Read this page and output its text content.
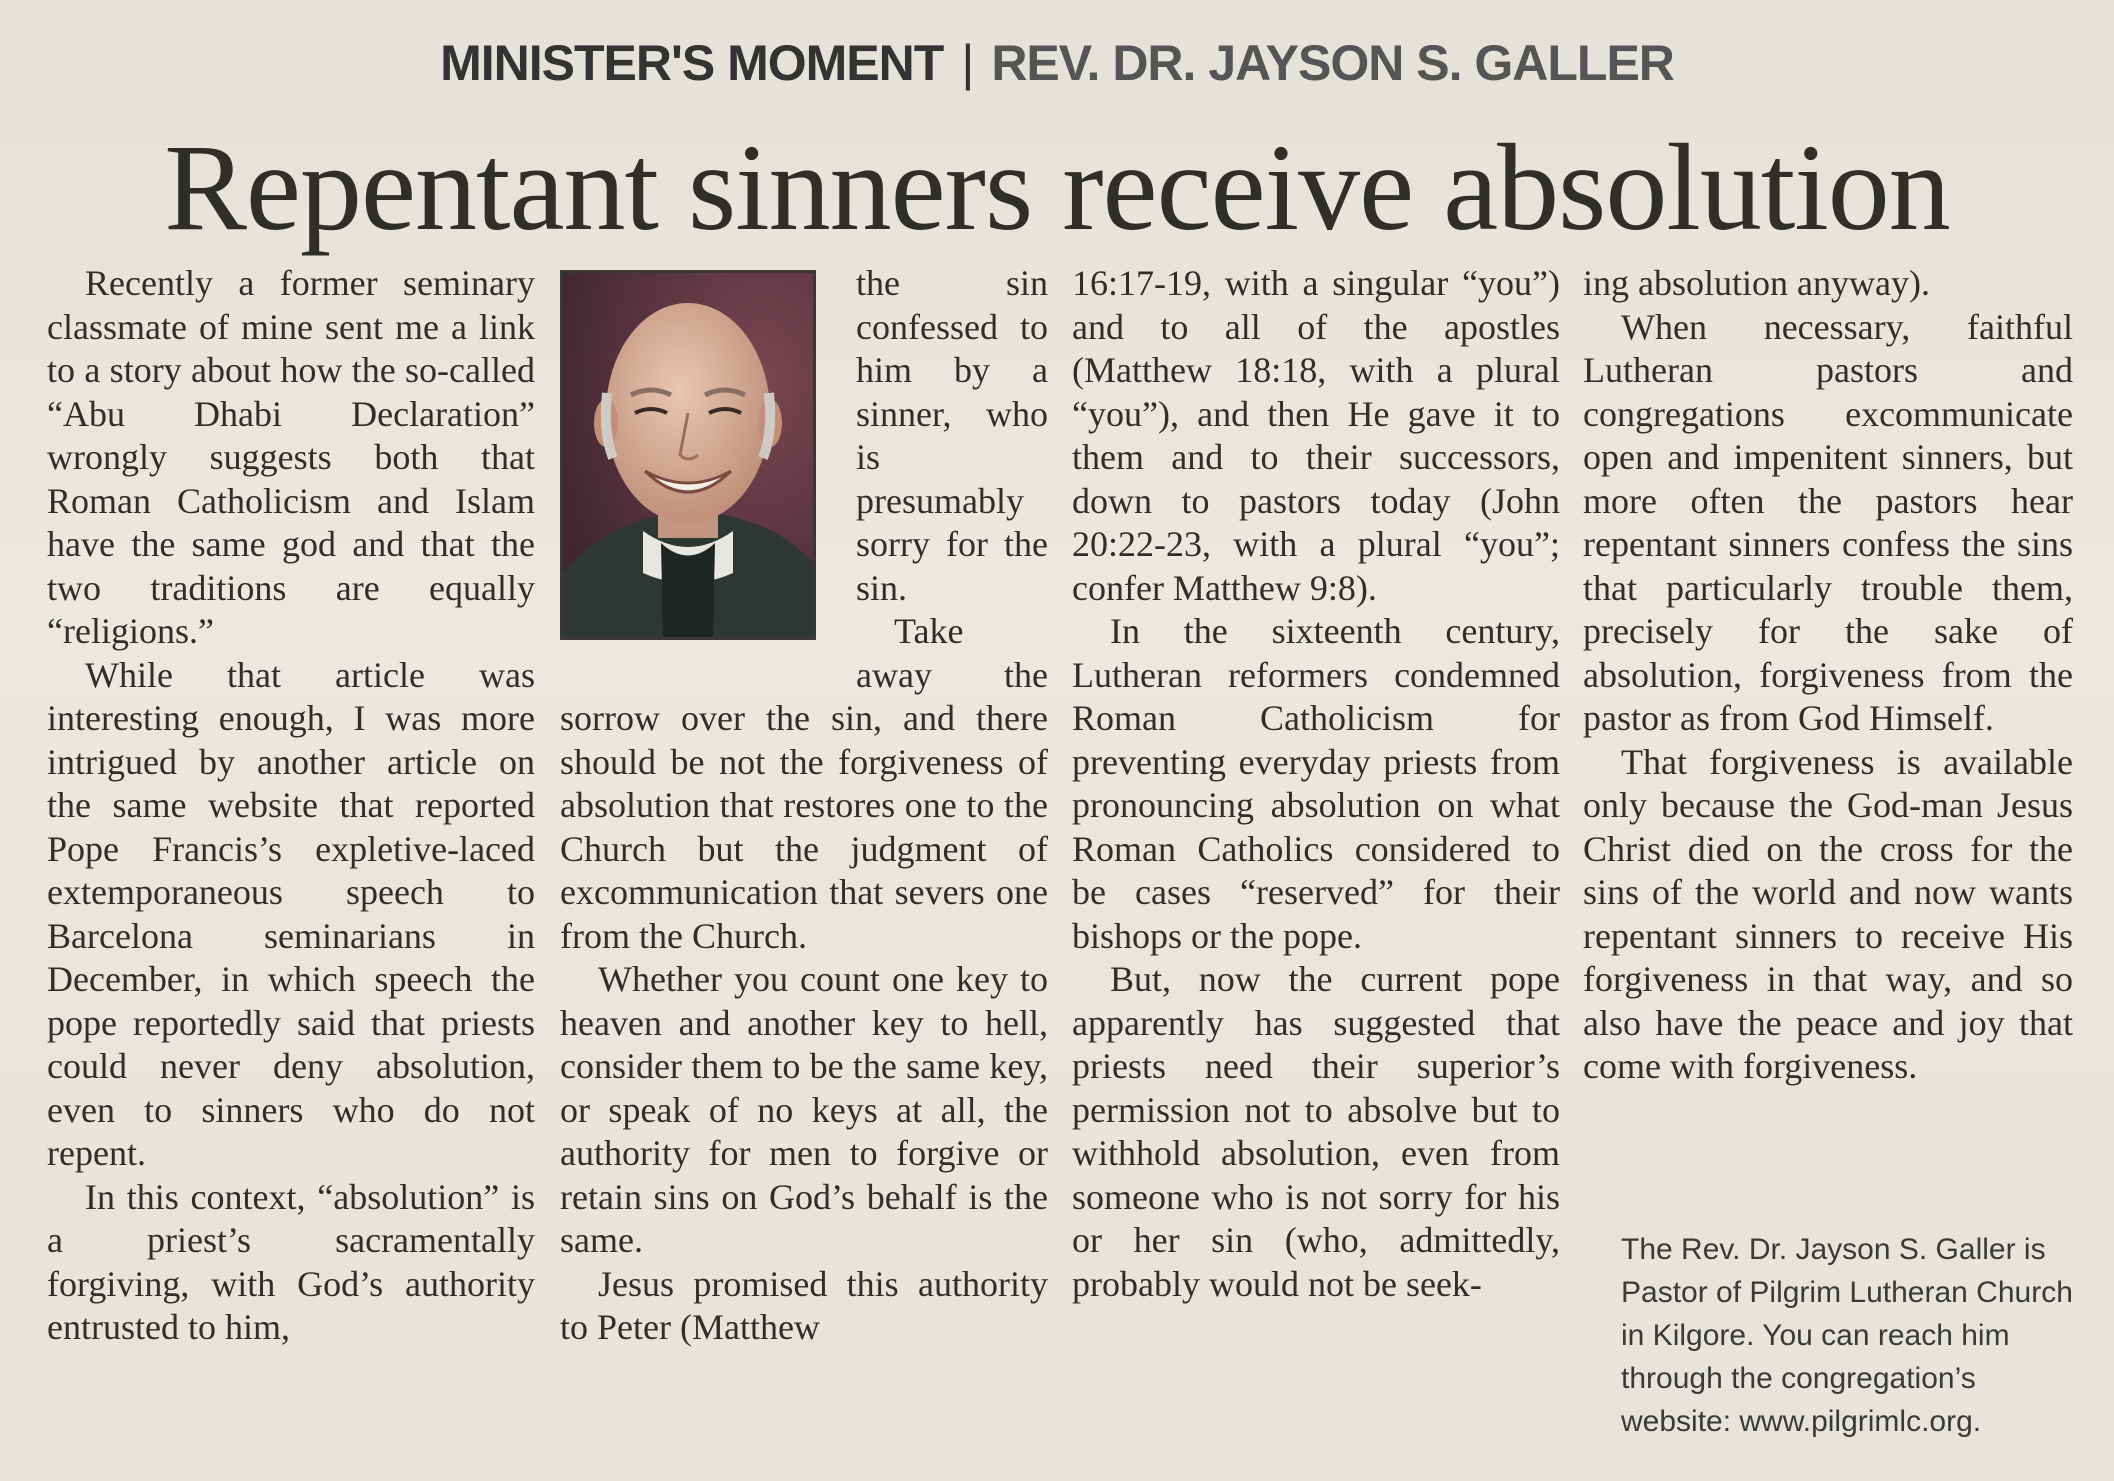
MINISTER'S MOMENT | REV. DR. JAYSON S. GALLER
Repentant sinners receive absolution

Recently a former seminary classmate of mine sent me a link to a story about how the so-called “Abu Dhabi Declaration” wrongly suggests both that Roman Catholicism and Islam have the same god and that the two traditions are equally “religions.”

While that article was interesting enough, I was more intrigued by another article on the same website that reported Pope Francis’s expletive-laced extemporaneous speech to Barcelona seminarians in December, in which speech the pope reportedly said that priests could never deny absolution, even to sinners who do not repent.

In this context, “absolution” is a priest’s sacramentally forgiving, with God’s authority entrusted to him,

the sin confessed to him by a sinner, who is presumably sorry for the sin.

Take away the

sorrow over the sin, and there should be not the forgiveness of absolution that restores one to the Church but the judgment of excommunication that severs one from the Church.

Whether you count one key to heaven and another key to hell, consider them to be the same key, or speak of no keys at all, the authority for men to forgive or retain sins on God’s behalf is the same.

Jesus promised this authority to Peter (Matthew

16:17-19, with a singular “you”) and to all of the apostles (Matthew 18:18, with a plural “you”), and then He gave it to them and to their successors, down to pastors today (John 20:22-23, with a plural “you”; confer Matthew 9:8).

In the sixteenth century, Lutheran reformers condemned Roman Catholicism for preventing everyday priests from pronouncing absolution on what Roman Catholics considered to be cases “reserved” for their bishops or the pope.

But, now the current pope apparently has suggested that priests need their superior’s permission not to absolve but to withhold absolution, even from someone who is not sorry for his or her sin (who, admittedly, probably would not be seek-

ing absolution anyway).

When necessary, faithful Lutheran pastors and congregations excommunicate open and impenitent sinners, but more often the pastors hear repentant sinners confess the sins that particularly trouble them, precisely for the sake of absolution, forgiveness from the pastor as from God Himself.

That forgiveness is available only because the God-man Jesus Christ died on the cross for the sins of the world and now wants repentant sinners to receive His forgiveness in that way, and so also have the peace and joy that come with forgiveness.

The Rev. Dr. Jayson S. Galler is Pastor of Pilgrim Lutheran Church in Kilgore. You can reach him through the congregation’s website: www.pilgrimlc.org.
